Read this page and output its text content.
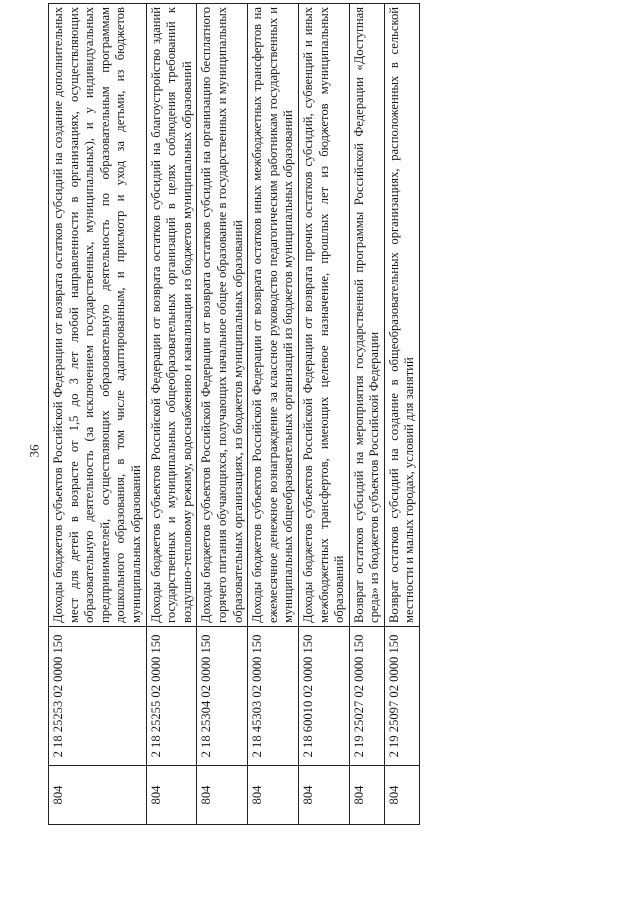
36
804	2 18 25253 02 0000 150	Доходы бюджетов субъектов Российской Федерации от возврата остатков субсидий на создание дополнительных мест для детей в возрасте от 1,5 до 3 лет любой направленности в организациях, осуществляющих образовательную деятельность (за исключением государственных, муниципальных), и у индивидуальных предпринимателей, осуществляющих образовательную деятельность по образовательным программам дошкольного образования, в том числе адаптированным, и присмотр и уход за детьми, из бюджетов муниципальных образований
804	2 18 25255 02 0000 150	Доходы бюджетов субъектов Российской Федерации от возврата остатков субсидий на благоустройство зданий государственных и муниципальных общеобразовательных организаций в целях соблюдения требований к воздушно-тепловому режиму, водоснабжению и канализации из бюджетов муниципальных образований
804	2 18 25304 02 0000 150	Доходы бюджетов субъектов Российской Федерации от возврата остатков субсидий на организацию бесплатного горячего питания обучающихся, получающих начальное общее образование в государственных и муниципальных образовательных организациях, из бюджетов муниципальных образований
804	2 18 45303 02 0000 150	Доходы бюджетов субъектов Российской Федерации от возврата остатков иных межбюджетных трансфертов на ежемесячное денежное вознаграждение за классное руководство педагогическим работникам государственных и муниципальных общеобразовательных организаций из бюджетов муниципальных образований
804	2 18 60010 02 0000 150	Доходы бюджетов субъектов Российской Федерации от возврата прочих остатков субсидий, субвенций и иных межбюджетных трансфертов, имеющих целевое назначение, прошлых лет из бюджетов муниципальных образований
804	2 19 25027 02 0000 150	Возврат остатков субсидий на мероприятия государственной программы Российской Федерации «Доступная среда» из бюджетов субъектов Российской Федерации
804	2 19 25097 02 0000 150	Возврат остатков субсидий на создание в общеобразовательных организациях, расположенных в сельской местности и малых городах, условий для занятий
